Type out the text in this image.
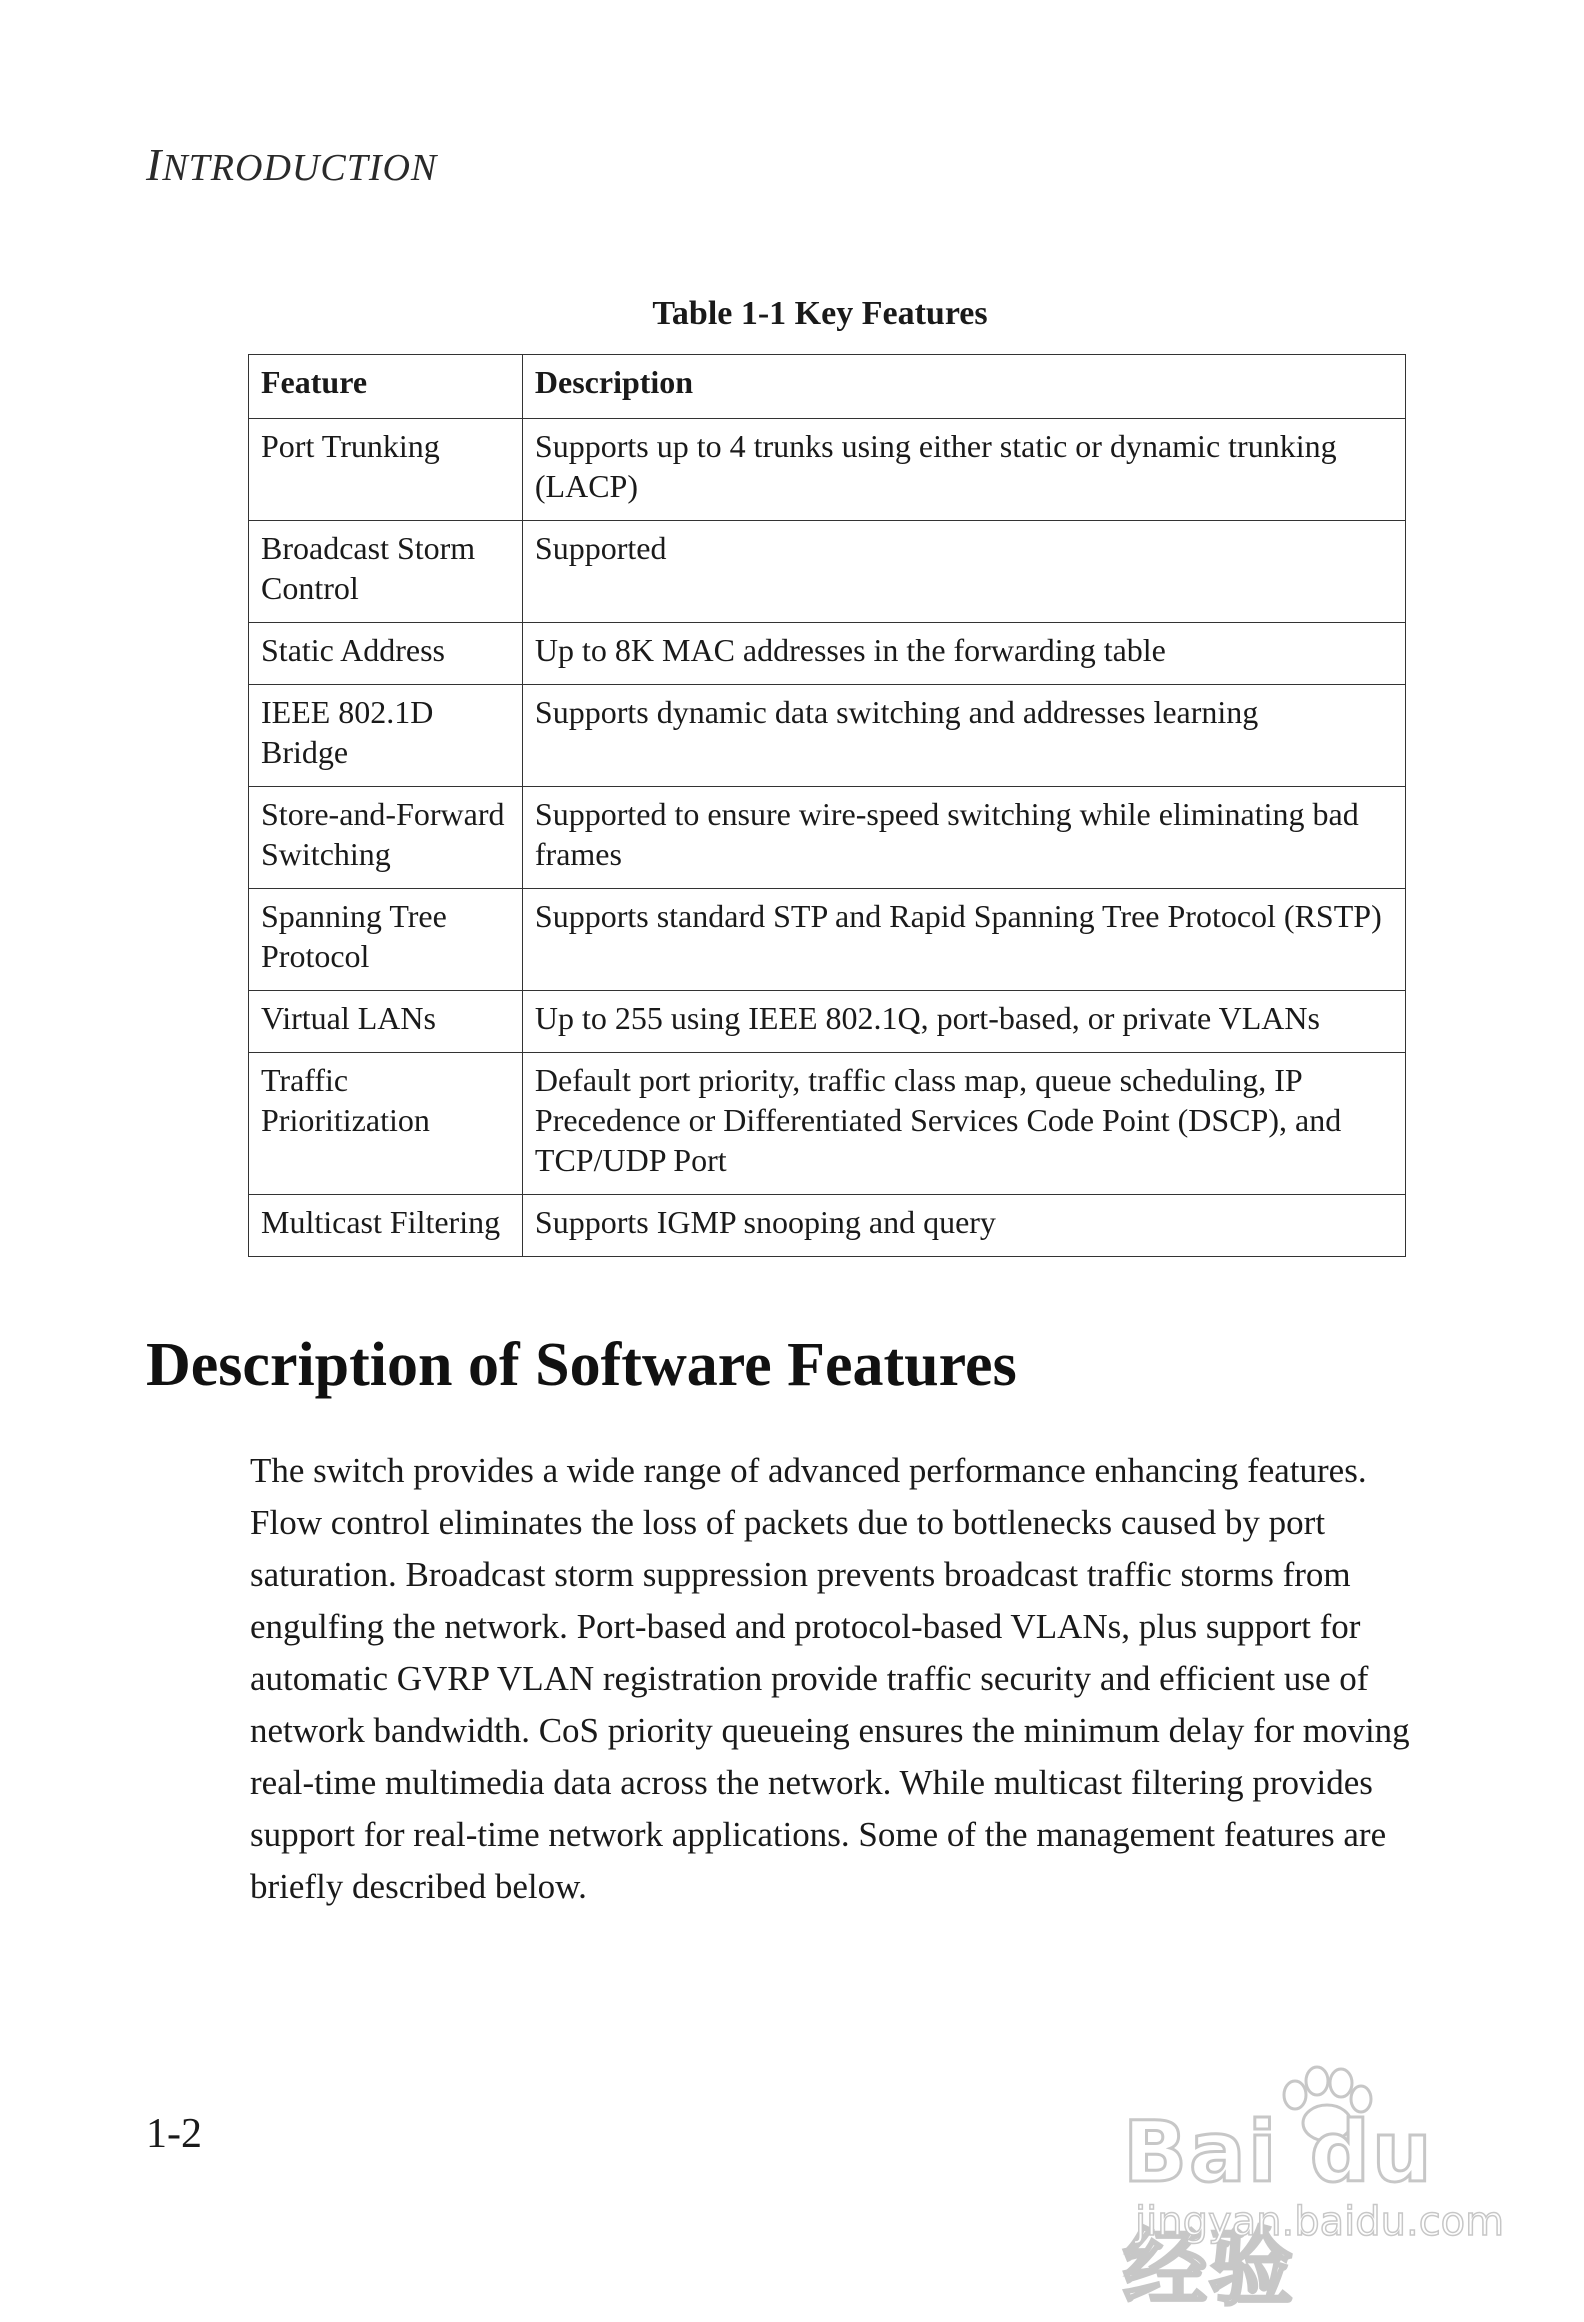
INTRODUCTION
Table 1-1 Key Features
Feature	Description
Port Trunking	Supports up to 4 trunks using either static or dynamic trunking (LACP)
Broadcast Storm Control	Supported
Static Address	Up to 8K MAC addresses in the forwarding table
IEEE 802.1D Bridge	Supports dynamic data switching and addresses learning
Store-and-Forward Switching	Supported to ensure wire-speed switching while eliminating bad frames
Spanning Tree Protocol	Supports standard STP and Rapid Spanning Tree Protocol (RSTP)
Virtual LANs	Up to 255 using IEEE 802.1Q, port-based, or private VLANs
Traffic Prioritization	Default port priority, traffic class map, queue scheduling, IP Precedence or Differentiated Services Code Point (DSCP), and TCP/UDP Port
Multicast Filtering	Supports IGMP snooping and query
Description of Software Features

The switch provides a wide range of advanced performance enhancing features. Flow control eliminates the loss of packets due to bottlenecks caused by port saturation. Broadcast storm suppression prevents broadcast traffic storms from engulfing the network. Port-based and protocol-based VLANs, plus support for automatic GVRP VLAN registration provide traffic security and efficient use of network bandwidth. CoS priority queueing ensures the minimum delay for moving real-time multimedia data across the network. While multicast filtering provides support for real-time network applications. Some of the management features are briefly described below.

1-2	Bai du 经验
jingyan.baidu.com
